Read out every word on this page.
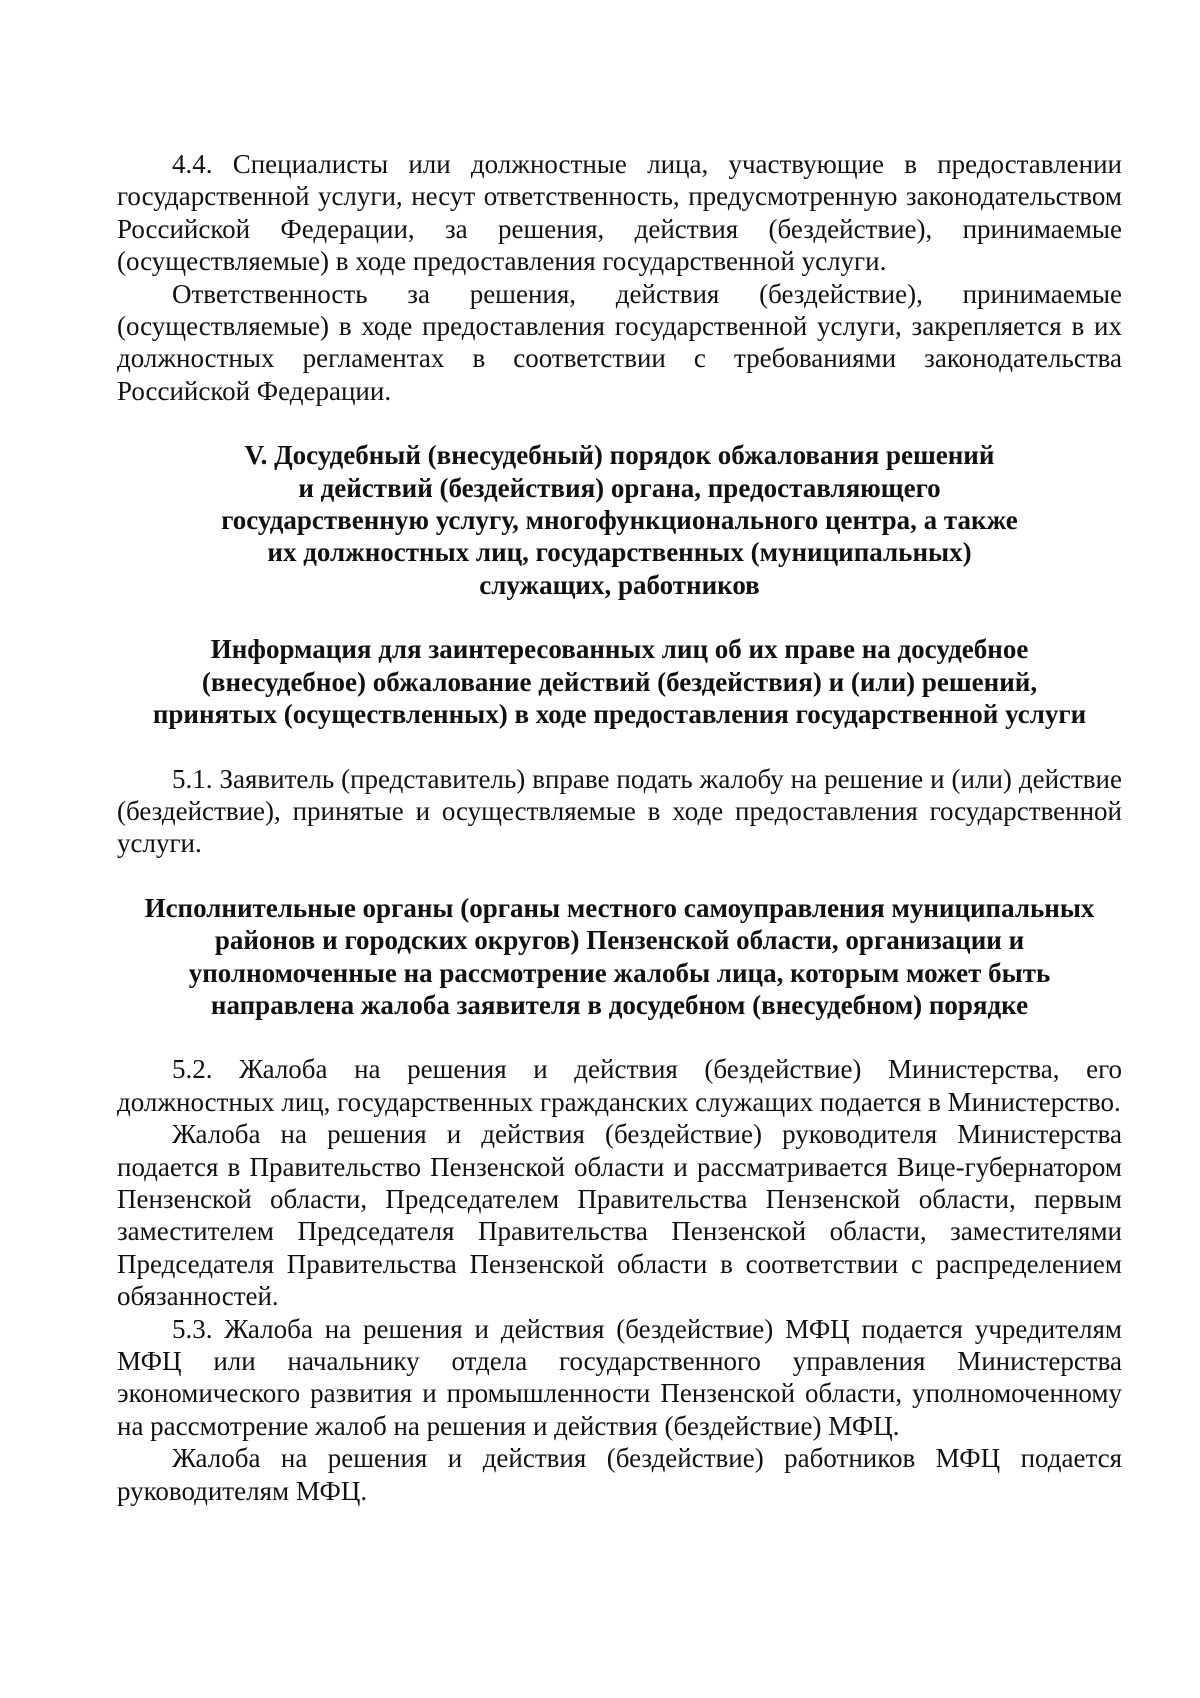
4.4. Специалисты или должностные лица, участвующие в предоставлении государственной услуги, несут ответственность, предусмотренную законодательством Российской Федерации, за решения, действия (бездействие), принимаемые (осуществляемые) в ходе предоставления государственной услуги.

Ответственность за решения, действия (бездействие), принимаемые (осуществляемые) в ходе предоставления государственной услуги, закрепляется в их должностных регламентах в соответствии с требованиями законодательства Российской Федерации.

V. Досудебный (внесудебный) порядок обжалования решений
и действий (бездействия) органа, предоставляющего
государственную услугу, многофункционального центра, а также
их должностных лиц, государственных (муниципальных)
служащих, работников
Информация для заинтересованных лиц об их праве на досудебное
(внесудебное) обжалование действий (бездействия) и (или) решений,
принятых (осуществленных) в ходе предоставления государственной услуги

5.1. Заявитель (представитель) вправе подать жалобу на решение и (или) действие (бездействие), принятые и осуществляемые в ходе предоставления государственной услуги.

Исполнительные органы (органы местного самоуправления муниципальных
районов и городских округов) Пензенской области, организации и
уполномоченные на рассмотрение жалобы лица, которым может быть
направлена жалоба заявителя в досудебном (внесудебном) порядке

5.2. Жалоба на решения и действия (бездействие) Министерства, его должностных лиц, государственных гражданских служащих подается в Министерство.

Жалоба на решения и действия (бездействие) руководителя Министерства подается в Правительство Пензенской области и рассматривается Вице-губернатором Пензенской области, Председателем Правительства Пензенской области, первым заместителем Председателя Правительства Пензенской области, заместителями Председателя Правительства Пензенской области в соответствии с распределением обязанностей.

5.3. Жалоба на решения и действия (бездействие) МФЦ подается учредителям МФЦ или начальнику отдела государственного управления Министерства экономического развития и промышленности Пензенской области, уполномоченному на рассмотрение жалоб на решения и действия (бездействие) МФЦ.

Жалоба на решения и действия (бездействие) работников МФЦ подается руководителям МФЦ.
